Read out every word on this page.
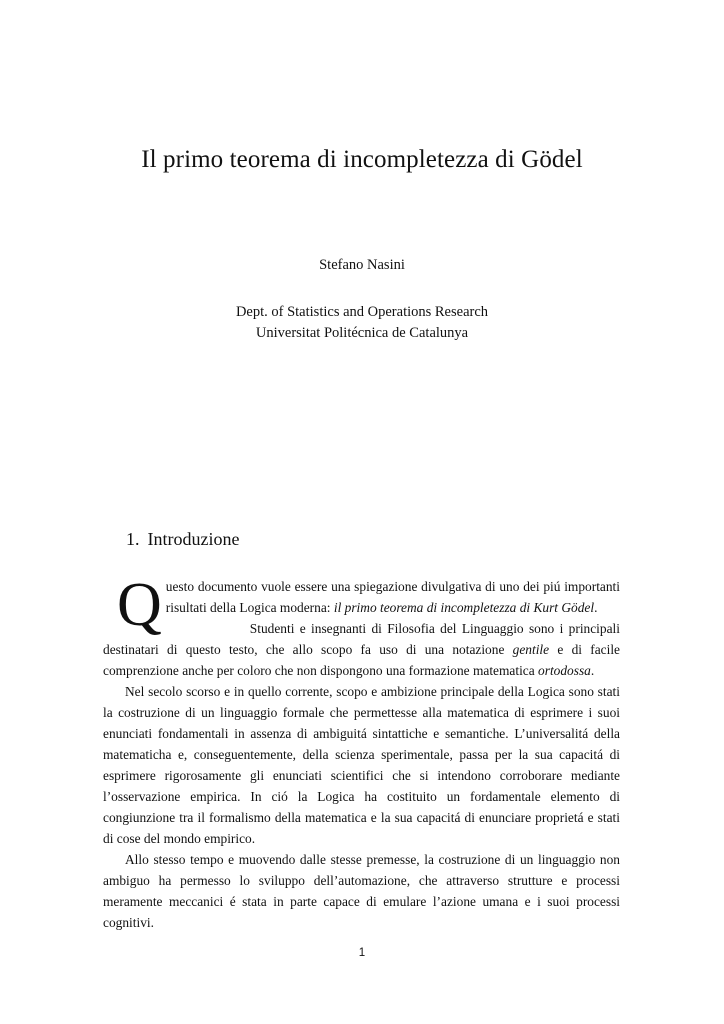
Il primo teorema di incompletezza di Gödel
Stefano Nasini
Dept. of Statistics and Operations Research
Universitat Politécnica de Catalunya
1. Introduzione

Questo documento vuole essere una spiegazione divulgativa di uno dei piú importanti risultati della Logica moderna: il primo teorema di incompletezza di Kurt Gödel.
Studenti e insegnanti di Filosofia del Linguaggio sono i principali destinatari di questo testo, che allo scopo fa uso di una notazione gentile e di facile comprenzione anche per coloro che non dispongono una formazione matematica ortodossa.

Nel secolo scorso e in quello corrente, scopo e ambizione principale della Logica sono stati la costruzione di un linguaggio formale che permettesse alla matematica di esprimere i suoi enunciati fondamentali in assenza di ambiguitá sintattiche e semantiche. L’universalitá della matematicha e, conseguentemente, della scienza sperimentale, passa per la sua capacitá di esprimere rigorosamente gli enunciati scientifici che si intendono corroborare mediante l’osservazione empirica. In ció la Logica ha costituito un fordamentale elemento di congiunzione tra il formalismo della matematica e la sua capacitá di enunciare proprietá e stati di cose del mondo empirico.

Allo stesso tempo e muovendo dalle stesse premesse, la costruzione di un linguaggio non ambiguo ha permesso lo sviluppo dell’automazione, che attraverso strutture e processi meramente meccanici é stata in parte capace di emulare l’azione umana e i suoi processi cognitivi.

1
